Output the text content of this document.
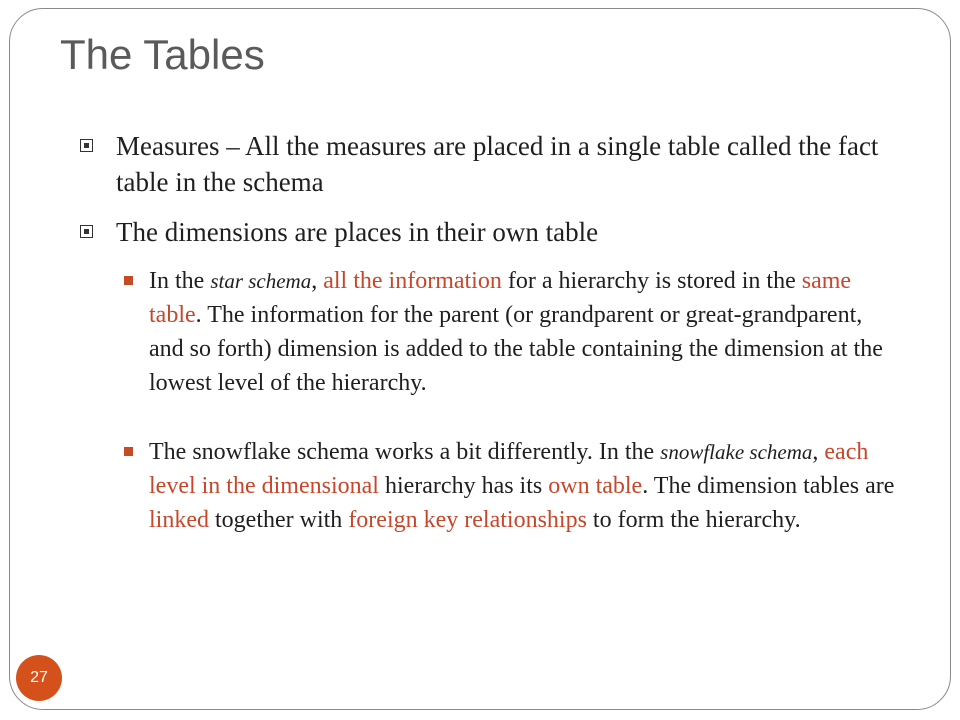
The Tables
Measures – All the measures are placed in a single table called the fact table in the schema
The dimensions are places in their own table
In the star schema, all the information for a hierarchy is stored in the same table. The information for the parent (or grandparent or great-grandparent, and so forth) dimension is added to the table containing the dimension at the lowest level of the hierarchy.
The snowflake schema works a bit differently. In the snowflake schema, each level in the dimensional hierarchy has its own table. The dimension tables are linked together with foreign key relationships to form the hierarchy.
27
